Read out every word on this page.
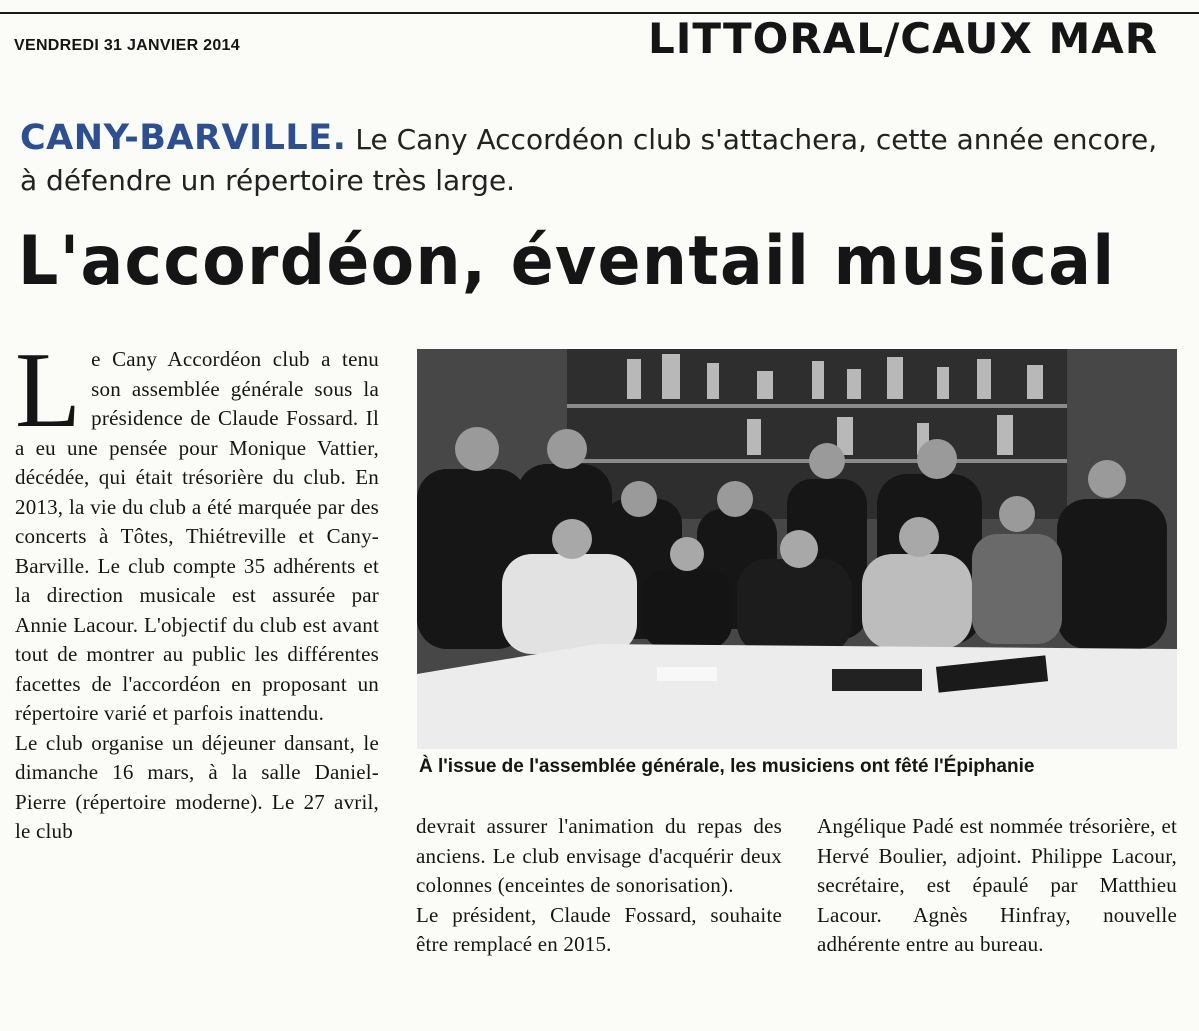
VENDREDI 31 JANVIER 2014	LITTORAL/CAUX MAR
CANY-BARVILLE. Le Cany Accordéon club s'attachera, cette année encore, à défendre un répertoire très large.
L'accordéon, éventail musical

Le Cany Accordéon club a tenu son assemblée générale sous la présidence de Claude Fossard. Il a eu une pensée pour Monique Vattier, décédée, qui était trésorière du club. En 2013, la vie du club a été marquée par des concerts à Tôtes, Thiétreville et Cany-Barville. Le club compte 35 adhérents et la direction musicale est assurée par Annie Lacour. L'objectif du club est avant tout de montrer au public les différentes facettes de l'accordéon en proposant un répertoire varié et parfois inattendu.

Le club organise un déjeuner dansant, le dimanche 16 mars, à la salle Daniel-Pierre (répertoire moderne). Le 27 avril, le club

À l'issue de l'assemblée générale, les musiciens ont fêté l'Épiphanie

devrait assurer l'animation du repas des anciens. Le club envisage d'acquérir deux colonnes (enceintes de sonorisation).

Le président, Claude Fossard, souhaite être remplacé en 2015.

Angélique Padé est nommée trésorière, et Hervé Boulier, adjoint. Philippe Lacour, secrétaire, est épaulé par Matthieu Lacour. Agnès Hinfray, nouvelle adhérente entre au bureau.
